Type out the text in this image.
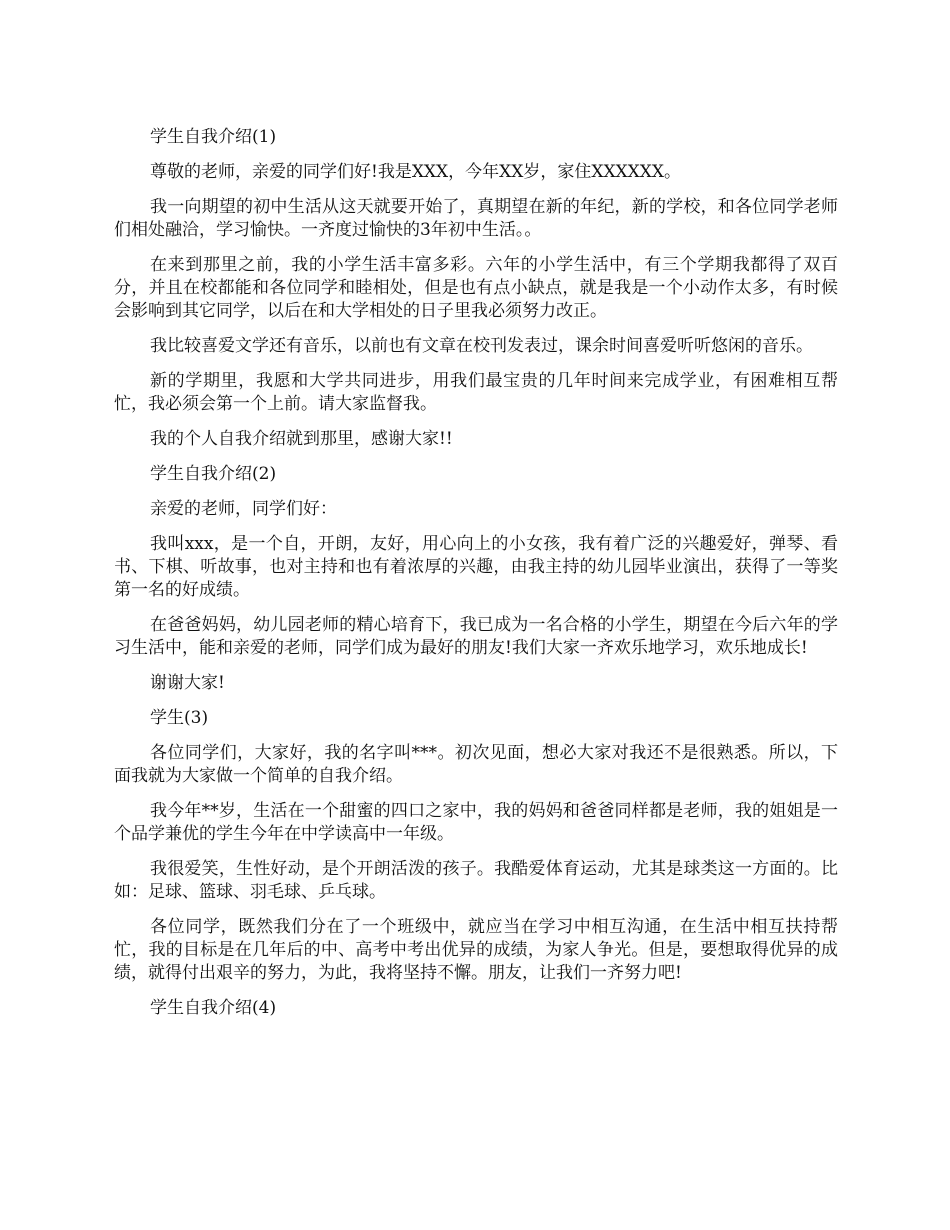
学生自我介绍(1)

尊敬的老师，亲爱的同学们好!我是XXX，今年XX岁，家住XXXXXX。

我一向期望的初中生活从这天就要开始了，真期望在新的年纪，新的学校，和各位同学老师们相处融洽，学习愉快。一齐度过愉快的3年初中生活。。

在来到那里之前，我的小学生活丰富多彩。六年的小学生活中，有三个学期我都得了双百分，并且在校都能和各位同学和睦相处，但是也有点小缺点，就是我是一个小动作太多，有时候会影响到其它同学，以后在和大学相处的日子里我必须努力改正。

我比较喜爱文学还有音乐，以前也有文章在校刊发表过，课余时间喜爱听听悠闲的音乐。

新的学期里，我愿和大学共同进步，用我们最宝贵的几年时间来完成学业，有困难相互帮忙，我必须会第一个上前。请大家监督我。

我的个人自我介绍就到那里，感谢大家!!

学生自我介绍(2)

亲爱的老师，同学们好：

我叫xxx，是一个自，开朗，友好，用心向上的小女孩，我有着广泛的兴趣爱好，弹琴、看书、下棋、听故事，也对主持和也有着浓厚的兴趣，由我主持的幼儿园毕业演出，获得了一等奖第一名的好成绩。

在爸爸妈妈，幼儿园老师的精心培育下，我已成为一名合格的小学生，期望在今后六年的学习生活中，能和亲爱的老师，同学们成为最好的朋友!我们大家一齐欢乐地学习，欢乐地成长!

谢谢大家!

学生(3)

各位同学们，大家好，我的名字叫***。初次见面，想必大家对我还不是很熟悉。所以，下面我就为大家做一个简单的自我介绍。

我今年**岁，生活在一个甜蜜的四口之家中，我的妈妈和爸爸同样都是老师，我的姐姐是一个品学兼优的学生今年在中学读高中一年级。

我很爱笑，生性好动，是个开朗活泼的孩子。我酷爱体育运动，尤其是球类这一方面的。比如：足球、篮球、羽毛球、乒乓球。

各位同学，既然我们分在了一个班级中，就应当在学习中相互沟通，在生活中相互扶持帮忙，我的目标是在几年后的中、高考中考出优异的成绩，为家人争光。但是，要想取得优异的成绩，就得付出艰辛的努力，为此，我将坚持不懈。朋友，让我们一齐努力吧!

学生自我介绍(4)
